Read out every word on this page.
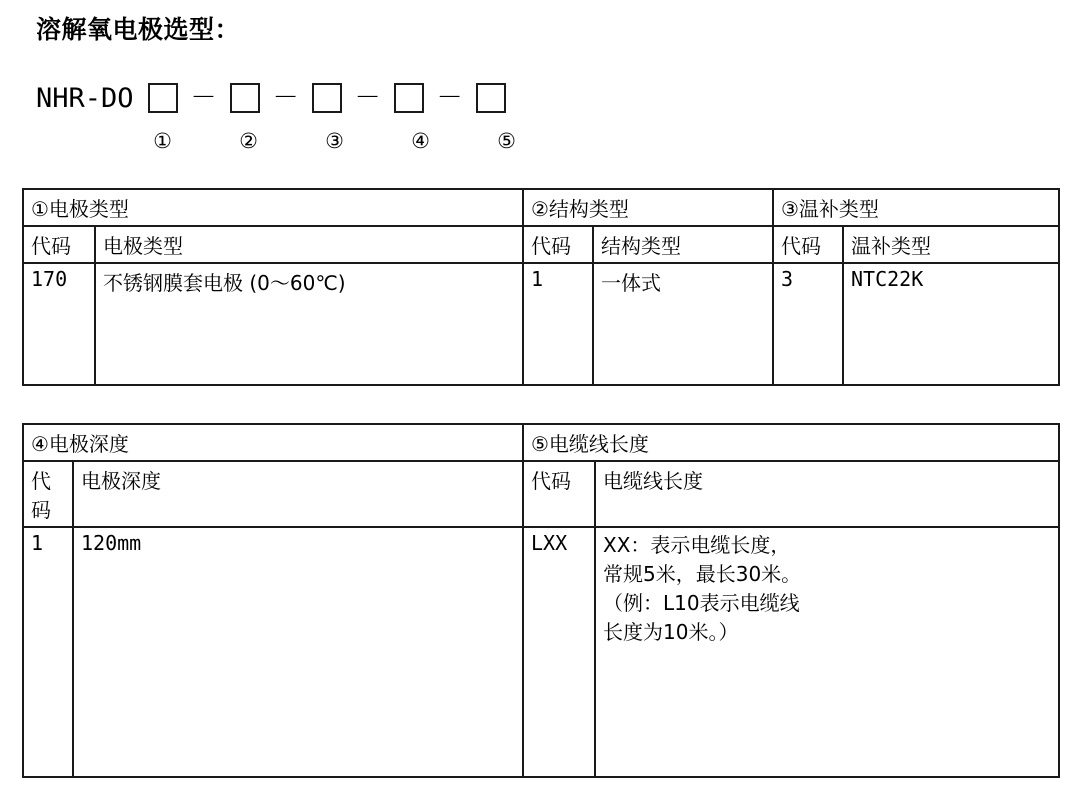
溶解氧电极选型：
NHR-DO － － － －
①	②	③	④	⑤
①电极类型		②结构类型		③温补类型	
代码	电极类型	代码	结构类型	代码	温补类型
170	不锈钢膜套电极 (0～60℃)	1	一体式	3	NTC22K
④电极深度		⑤电缆线长度	
代码	电极深度	代码	电缆线长度
1	120mm	LXX	XX：表示电缆长度，
常规5米，最长30米。
（例：L10表示电缆线
长度为10米。）
